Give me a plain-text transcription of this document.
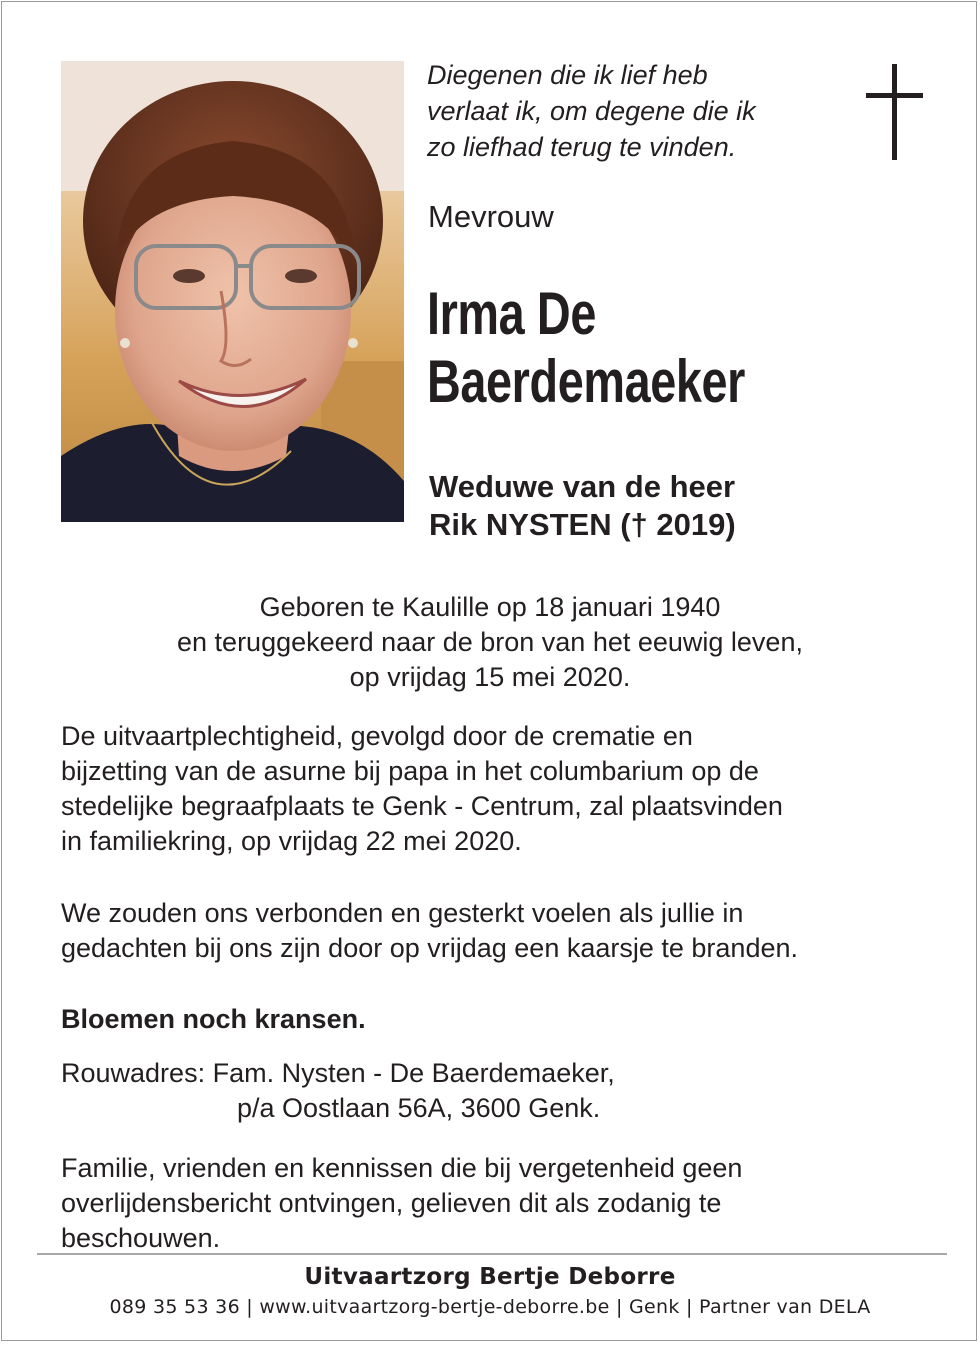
Diegenen die ik lief heb
verlaat ik, om degene die ik
zo liefhad terug te vinden.
Mevrouw
Irma De
Baerdemaeker
Weduwe van de heer
Rik NYSTEN († 2019)
Geboren te Kaulille op 18 januari 1940
en teruggekeerd naar de bron van het eeuwig leven,
op vrijdag 15 mei 2020.
De uitvaartplechtigheid, gevolgd door de crematie en
bijzetting van de asurne bij papa in het columbarium op de
stedelijke begraafplaats te Genk - Centrum, zal plaatsvinden
in familiekring, op vrijdag 22 mei 2020.
We zouden ons verbonden en gesterkt voelen als jullie in
gedachten bij ons zijn door op vrijdag een kaarsje te branden.
Bloemen noch kransen.
Rouwadres: Fam. Nysten - De Baerdemaeker,
p/a Oostlaan 56A, 3600 Genk.
Familie, vrienden en kennissen die bij vergetenheid geen
overlijdensbericht ontvingen, gelieven dit als zodanig te
beschouwen.
Uitvaartzorg Bertje Deborre
089 35 53 36 | www.uitvaartzorg-bertje-deborre.be | Genk | Partner van DELA
